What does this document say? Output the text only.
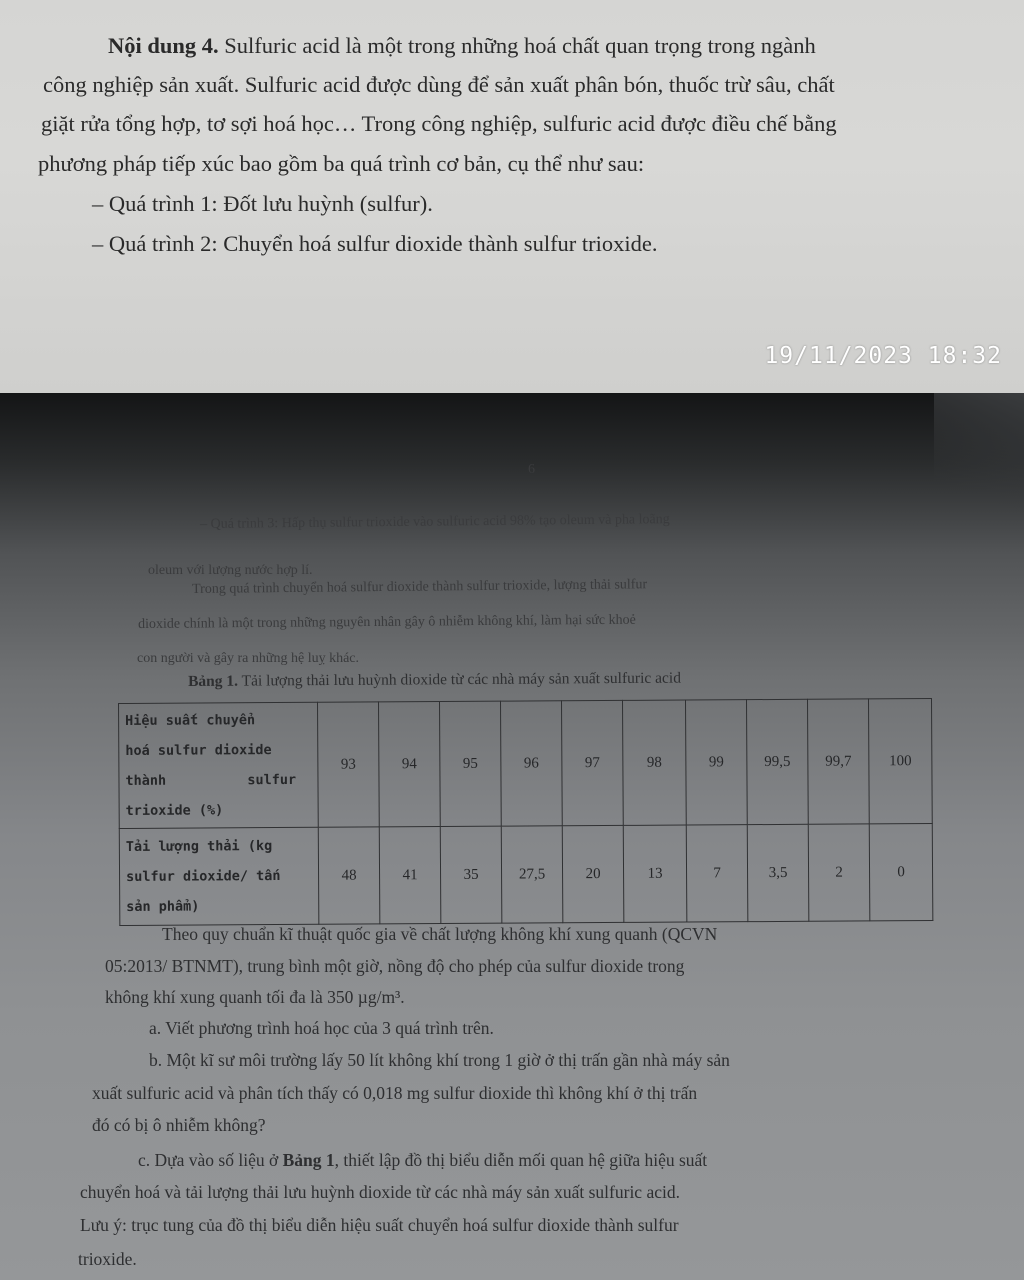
Nội dung 4. Sulfuric acid là một trong những hoá chất quan trọng trong ngành
công nghiệp sản xuất. Sulfuric acid được dùng để sản xuất phân bón, thuốc trừ sâu, chất
giặt rửa tổng hợp, tơ sợi hoá học… Trong công nghiệp, sulfuric acid được điều chế bằng
phương pháp tiếp xúc bao gồm ba quá trình cơ bản, cụ thể như sau:
– Quá trình 1: Đốt lưu huỳnh (sulfur).
– Quá trình 2: Chuyển hoá sulfur dioxide thành sulfur trioxide.
19/11/2023 18:32
6
– Quá trình 3: Hấp thụ sulfur trioxide vào sulfuric acid 98% tạo oleum và pha loãng
oleum với lượng nước hợp lí.
Trong quá trình chuyển hoá sulfur dioxide thành sulfur trioxide, lượng thải sulfur
dioxide chính là một trong những nguyên nhân gây ô nhiễm không khí, làm hại sức khoẻ
con người và gây ra những hệ luỵ khác.
Bảng 1. Tải lượng thải lưu huỳnh dioxide từ các nhà máy sản xuất sulfuric acid
Hiệu suất chuyển
hoá sulfur dioxide
thành          sulfur
trioxide (%)	93	94	95	96	97	98	99	99,5	99,7	100

Tải lượng thải (kg
sulfur dioxide/ tấn
sản phẩm)	48	41	35	27,5	20	13	7	3,5	2	0
Theo quy chuẩn kĩ thuật quốc gia về chất lượng không khí xung quanh (QCVN
05:2013/ BTNMT), trung bình một giờ, nồng độ cho phép của sulfur dioxide trong
không khí xung quanh tối đa là 350 µg/m³.
a. Viết phương trình hoá học của 3 quá trình trên.
b. Một kĩ sư môi trường lấy 50 lít không khí trong 1 giờ ở thị trấn gần nhà máy sản
xuất sulfuric acid và phân tích thấy có 0,018 mg sulfur dioxide thì không khí ở thị trấn
đó có bị ô nhiễm không?
c. Dựa vào số liệu ở Bảng 1, thiết lập đồ thị biểu diễn mối quan hệ giữa hiệu suất
chuyển hoá và tải lượng thải lưu huỳnh dioxide từ các nhà máy sản xuất sulfuric acid.
Lưu ý: trục tung của đồ thị biểu diễn hiệu suất chuyển hoá sulfur dioxide thành sulfur
trioxide.
